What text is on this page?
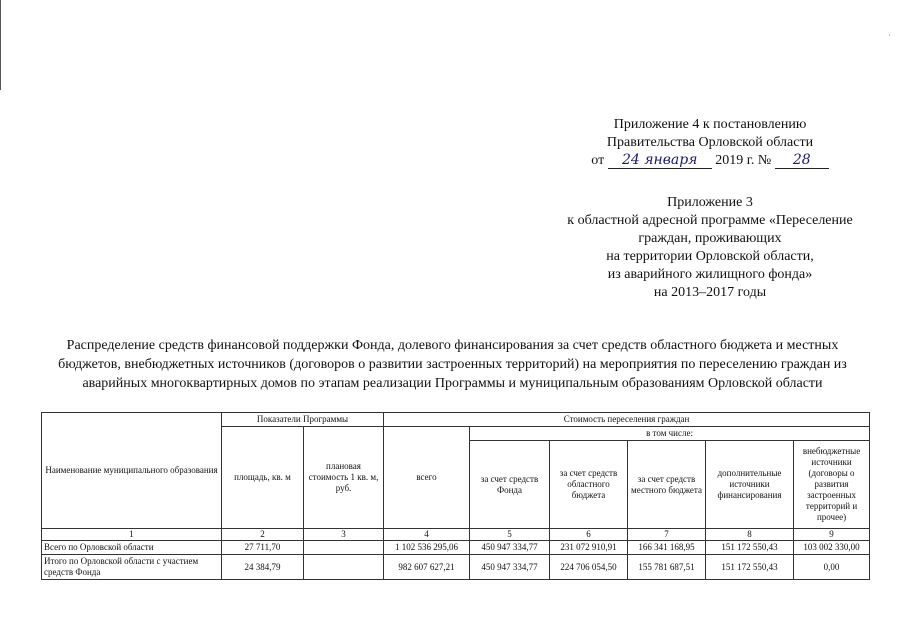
·
Приложение 4 к постановлению
Правительства Орловской области
от 24 января 2019 г. № 28
Приложение 3
к областной адресной программе «Переселение
граждан, проживающих
на территории Орловской области,
из аварийного жилищного фонда»
на 2013–2017 годы
Распределение средств финансовой поддержки Фонда, долевого финансирования за счет средств областного бюджета и местных бюджетов, внебюджетных источников (договоров о развитии застроенных территорий) на мероприятия по переселению граждан из аварийных многоквартирных домов по этапам реализации Программы и муниципальным образованиям Орловской области
Наименование муниципального образования	Показатели Программы		Стоимость переселения граждан					
	площадь, кв. м	плановая стоимость 1 кв. м, руб.	всего	в том числе:				
				за счет средств Фонда	за счет средств областного бюджета	за счет средств местного бюджета	дополнительные источники финансирования	внебюджетные источники (договоры о развития застроенных территорий и прочее)
1	2	3	4	5	6	7	8	9
Всего по Орловской области	27 711,70		1 102 536 295,06	450 947 334,77	231 072 910,91	166 341 168,95	151 172 550,43	103 002 330,00
Итого по Орловской области с участием средств Фонда	24 384,79		982 607 627,21	450 947 334,77	224 706 054,50	155 781 687,51	151 172 550,43	0,00
